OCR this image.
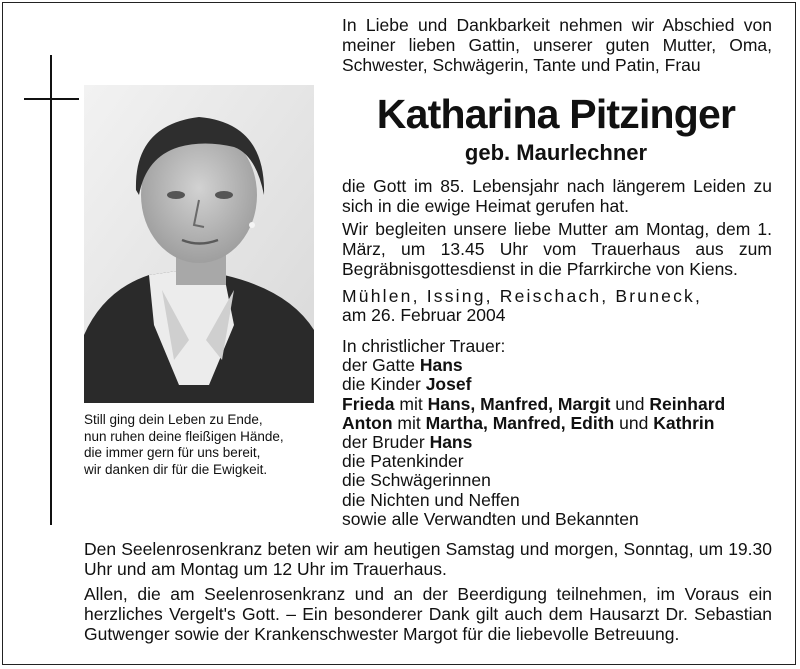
Still ging dein Leben zu Ende,
nun ruhen deine fleißigen Hände,
die immer gern für uns bereit,
wir danken dir für die Ewigkeit.
In Liebe und Dankbarkeit nehmen wir Abschied von meiner lieben Gattin, unserer guten Mutter, Oma, Schwester, Schwägerin, Tante und Patin, Frau
Katharina Pitzinger
geb. Maurlechner
die Gott im 85. Lebensjahr nach längerem Leiden zu sich in die ewige Heimat gerufen hat.
Wir begleiten unsere liebe Mutter am Montag, dem 1. März, um 13.45 Uhr vom Trauerhaus aus zum Begräbnisgottesdienst in die Pfarrkirche von Kiens.
Mühlen, Issing, Reischach, Bruneck,
am 26. Februar 2004
In christlicher Trauer:
der Gatte Hans
die Kinder Josef
Frieda mit Hans, Manfred, Margit und Reinhard
Anton mit Martha, Manfred, Edith und Kathrin
der Bruder Hans
die Patenkinder
die Schwägerinnen
die Nichten und Neffen
sowie alle Verwandten und Bekannten
Den Seelenrosenkranz beten wir am heutigen Samstag und morgen, Sonntag, um 19.30 Uhr und am Montag um 12 Uhr im Trauerhaus.
Allen, die am Seelenrosenkranz und an der Beerdigung teilnehmen, im Voraus ein herzliches Vergelt's Gott. – Ein besonderer Dank gilt auch dem Hausarzt Dr. Sebastian Gutwenger sowie der Krankenschwester Margot für die liebevolle Betreuung.
